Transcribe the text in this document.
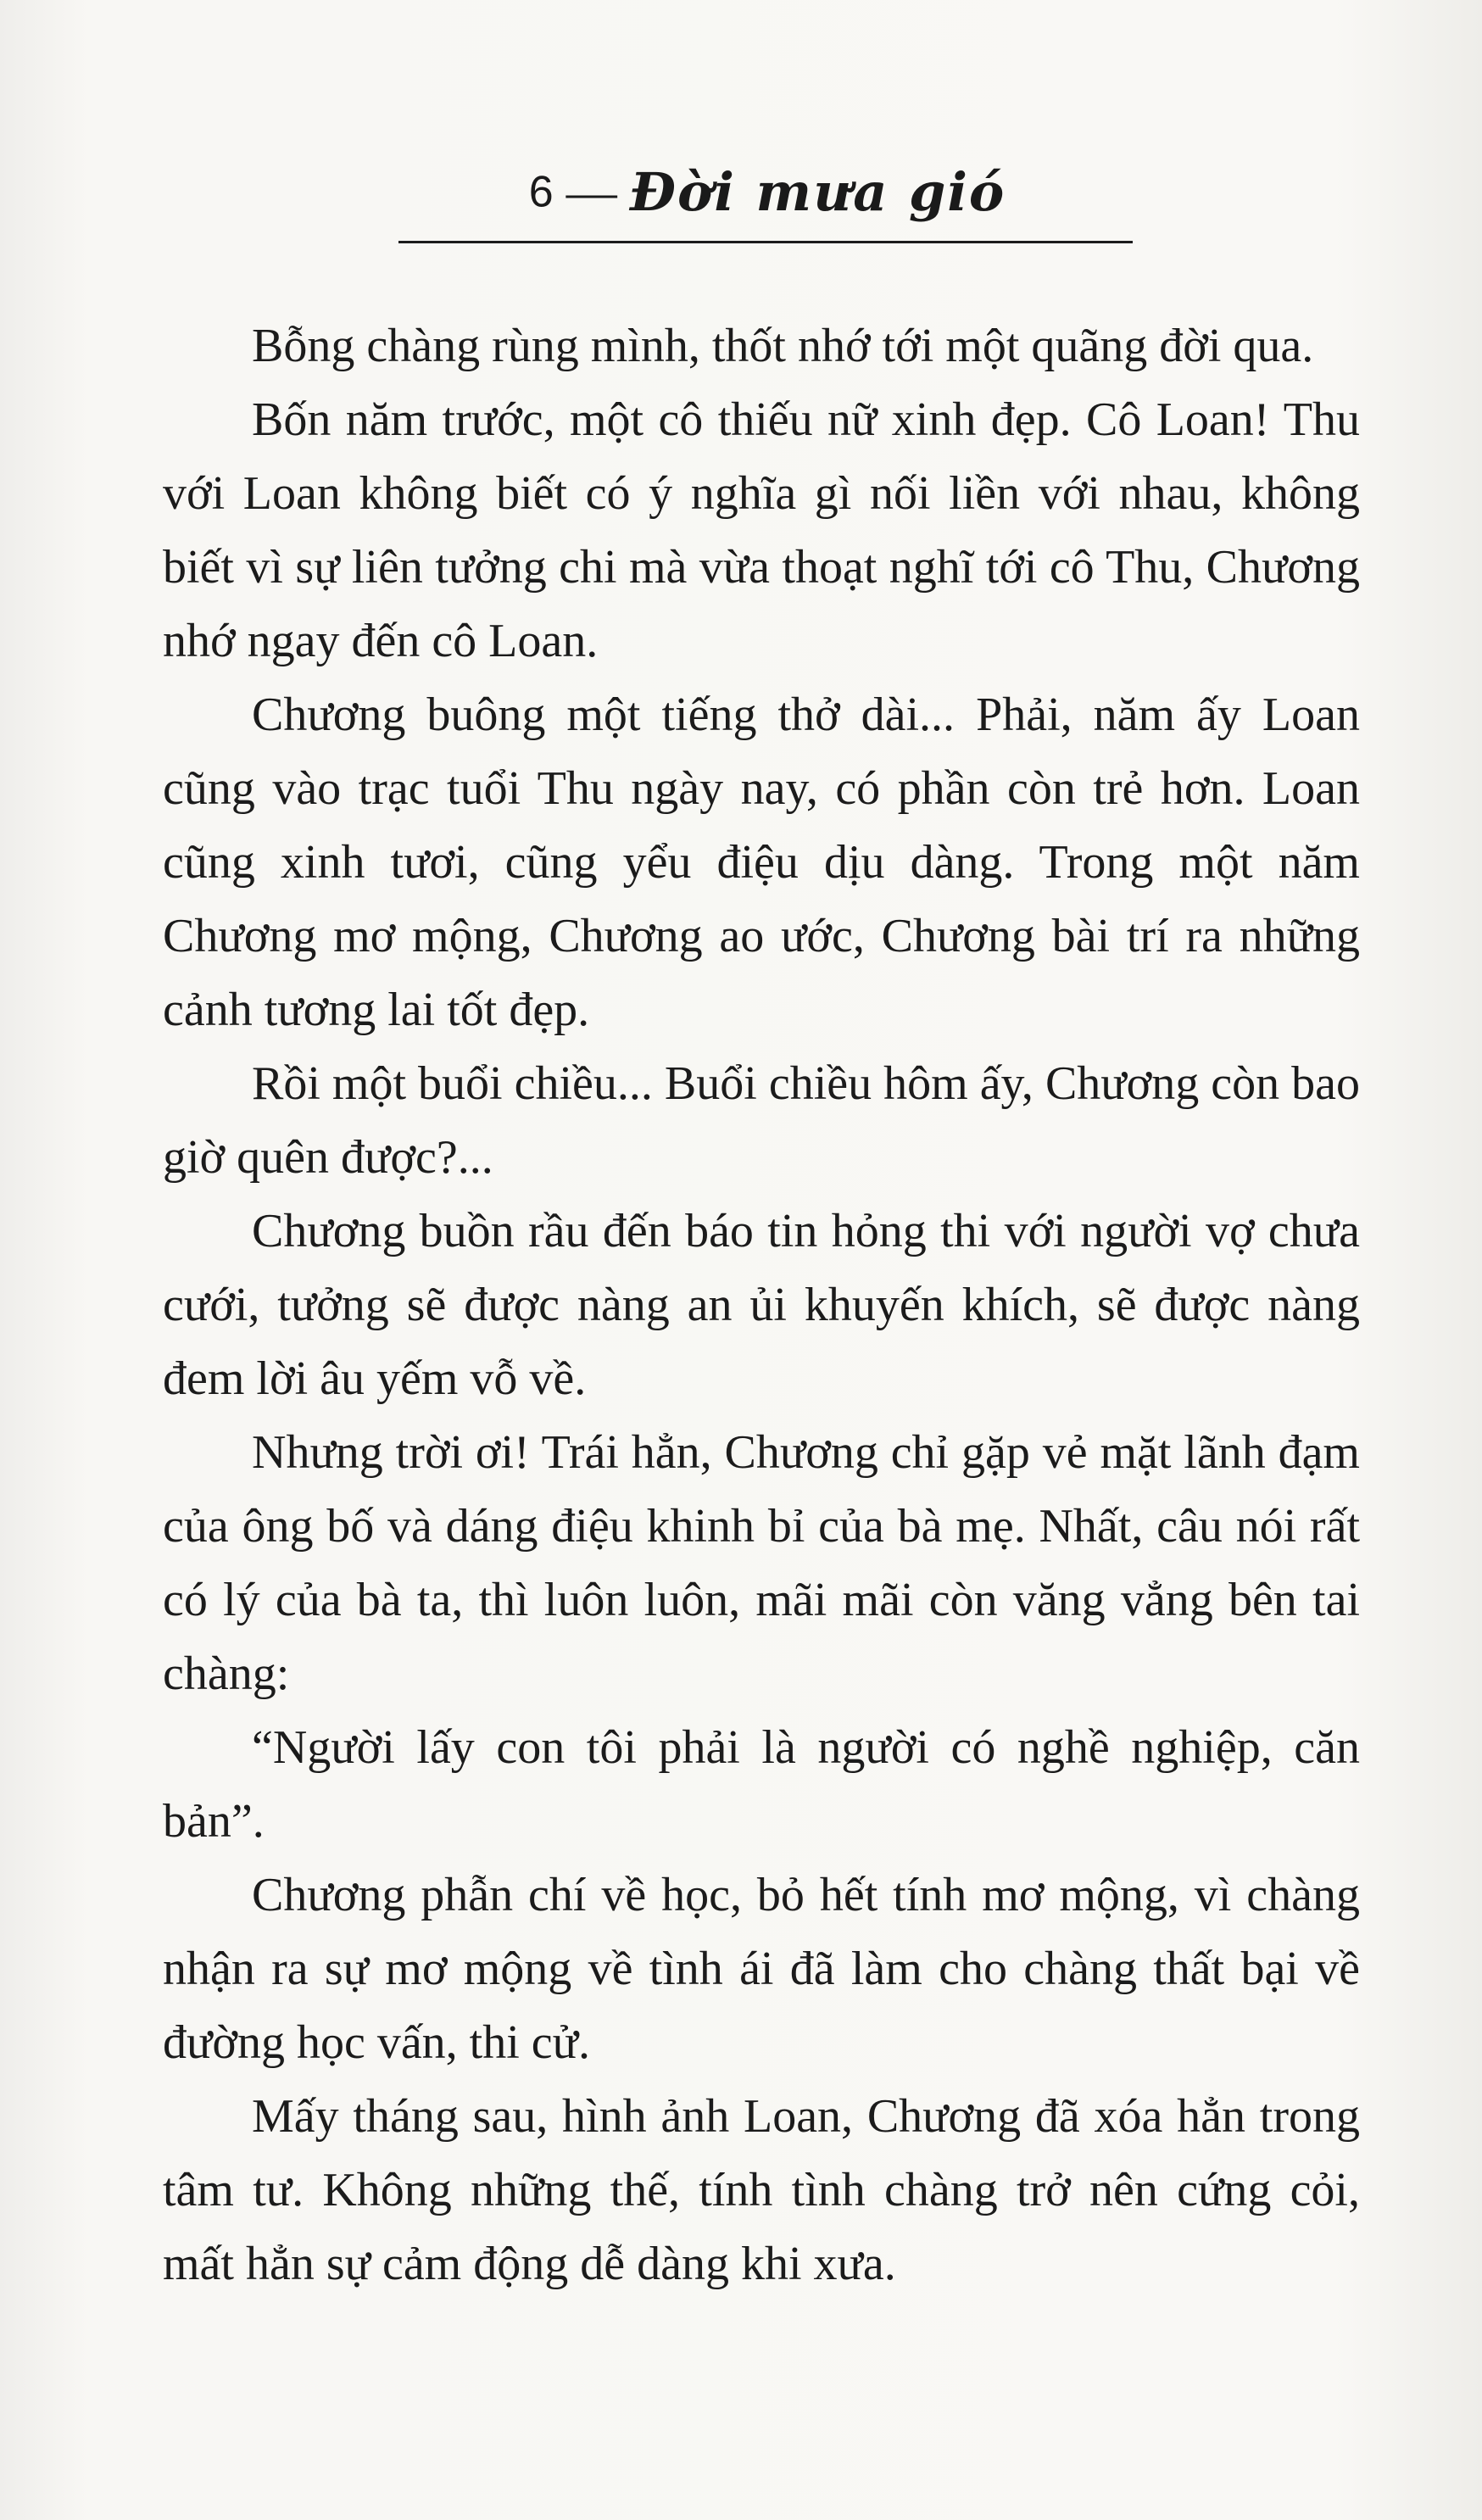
6 — Đời mưa gió

Bỗng chàng rùng mình, thốt nhớ tới một quãng đời qua.

Bốn năm trước, một cô thiếu nữ xinh đẹp. Cô Loan! Thu với Loan không biết có ý nghĩa gì nối liền với nhau, không biết vì sự liên tưởng chi mà vừa thoạt nghĩ tới cô Thu, Chương nhớ ngay đến cô Loan.

Chương buông một tiếng thở dài... Phải, năm ấy Loan cũng vào trạc tuổi Thu ngày nay, có phần còn trẻ hơn. Loan cũng xinh tươi, cũng yểu điệu dịu dàng. Trong một năm Chương mơ mộng, Chương ao ước, Chương bài trí ra những cảnh tương lai tốt đẹp.

Rồi một buổi chiều... Buổi chiều hôm ấy, Chương còn bao giờ quên được?...

Chương buồn rầu đến báo tin hỏng thi với người vợ chưa cưới, tưởng sẽ được nàng an ủi khuyến khích, sẽ được nàng đem lời âu yếm vỗ về.

Nhưng trời ơi! Trái hẳn, Chương chỉ gặp vẻ mặt lãnh đạm của ông bố và dáng điệu khinh bỉ của bà mẹ. Nhất, câu nói rất có lý của bà ta, thì luôn luôn, mãi mãi còn văng vẳng bên tai chàng:

“Người lấy con tôi phải là người có nghề nghiệp, căn bản”.

Chương phẫn chí về học, bỏ hết tính mơ mộng, vì chàng nhận ra sự mơ mộng về tình ái đã làm cho chàng thất bại về đường học vấn, thi cử.

Mấy tháng sau, hình ảnh Loan, Chương đã xóa hẳn trong tâm tư. Không những thế, tính tình chàng trở nên cứng cỏi, mất hẳn sự cảm động dễ dàng khi xưa.
